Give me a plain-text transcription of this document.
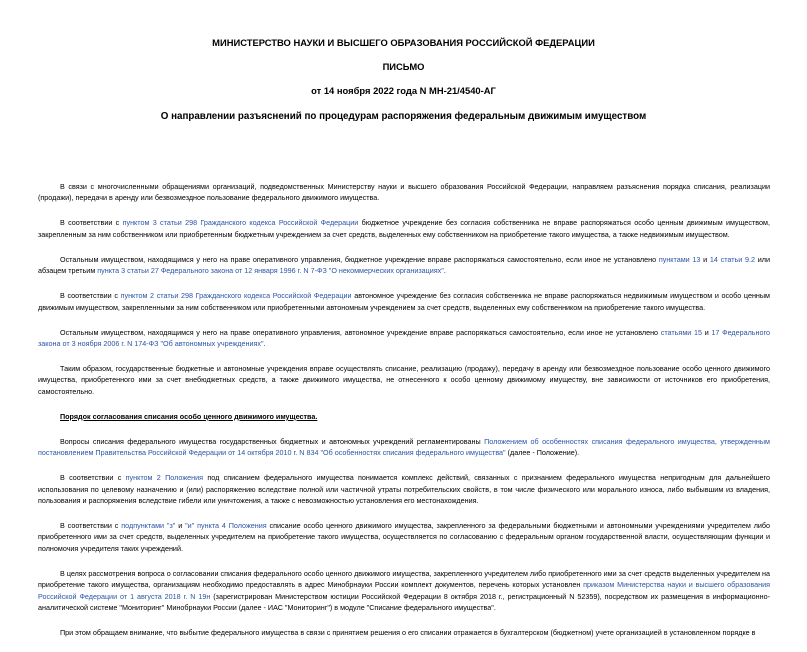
МИНИСТЕРСТВО НАУКИ И ВЫСШЕГО ОБРАЗОВАНИЯ РОССИЙСКОЙ ФЕДЕРАЦИИ
ПИСЬМО
от 14 ноября 2022 года N МН-21/4540-АГ
О направлении разъяснений по процедурам распоряжения федеральным движимым имуществом

В связи с многочисленными обращениями организаций, подведомственных Министерству науки и высшего образования Российской Федерации, направляем разъяснения порядка списания, реализации (продажи), передачи в аренду или безвозмездное пользование федерального движимого имущества.

В соответствии с пунктом 3 статьи 298 Гражданского кодекса Российской Федерации бюджетное учреждение без согласия собственника не вправе распоряжаться особо ценным движимым имуществом, закрепленным за ним собственником или приобретенным бюджетным учреждением за счет средств, выделенных ему собственником на приобретение такого имущества, а также недвижимым имуществом.

Остальным имуществом, находящимся у него на праве оперативного управления, бюджетное учреждение вправе распоряжаться самостоятельно, если иное не установлено пунктами 13 и 14 статьи 9.2 или абзацем третьим пункта 3 статьи 27 Федерального закона от 12 января 1996 г. N 7-ФЗ "О некоммерческих организациях".

В соответствии с пунктом 2 статьи 298 Гражданского кодекса Российской Федерации автономное учреждение без согласия собственника не вправе распоряжаться недвижимым имуществом и особо ценным движимым имуществом, закрепленными за ним собственником или приобретенными автономным учреждением за счет средств, выделенных ему собственником на приобретение такого имущества.

Остальным имуществом, находящимся у него на праве оперативного управления, автономное учреждение вправе распоряжаться самостоятельно, если иное не установлено статьями 15 и 17 Федерального закона от 3 ноября 2006 г. N 174-ФЗ "Об автономных учреждениях".

Таким образом, государственные бюджетные и автономные учреждения вправе осуществлять списание, реализацию (продажу), передачу в аренду или безвозмездное пользование особо ценного движимого имущества, приобретенного ими за счет внебюджетных средств, а также движимого имущества, не отнесенного к особо ценному движимому имуществу, вне зависимости от источников его приобретения, самостоятельно.

Порядок согласования списания особо ценного движимого имущества.

Вопросы списания федерального имущества государственных бюджетных и автономных учреждений регламентированы Положением об особенностях списания федерального имущества, утвержденным постановлением Правительства Российской Федерации от 14 октября 2010 г. N 834 "Об особенностях списания федерального имущества" (далее - Положение).

В соответствии с пунктом 2 Положения под списанием федерального имущества понимается комплекс действий, связанных с признанием федерального имущества непригодным для дальнейшего использования по целевому назначению и (или) распоряжению вследствие полной или частичной утраты потребительских свойств, в том числе физического или морального износа, либо выбывшим из владения, пользования и распоряжения вследствие гибели или уничтожения, а также с невозможностью установления его местонахождения.

В соответствии с подпунктами "з" и "и" пункта 4 Положения списание особо ценного движимого имущества, закрепленного за федеральными бюджетными и автономными учреждениями учредителем либо приобретенного ими за счет средств, выделенных учредителем на приобретение такого имущества, осуществляется по согласованию с федеральным органом государственной власти, осуществляющим функции и полномочия учредителя таких учреждений.

В целях рассмотрения вопроса о согласовании списания федерального особо ценного движимого имущества, закрепленного учредителем либо приобретенного ими за счет средств выделенных учредителем на приобретение такого имущества, организациям необходимо предоставлять в адрес Минобрнауки России комплект документов, перечень которых установлен приказом Министерства науки и высшего образования Российской Федерации от 1 августа 2018 г. N 19н (зарегистрирован Министерством юстиции Российской Федерации 8 октября 2018 г., регистрационный N 52359), посредством их размещения в информационно-аналитической системе "Мониторинг" Минобрнауки России (далее - ИАС "Мониторинг") в модуле "Списание федерального имущества".

При этом обращаем внимание, что выбытие федерального имущества в связи с принятием решения о его списании отражается в бухгалтерском (бюджетном) учете организацией в установленном порядке в
